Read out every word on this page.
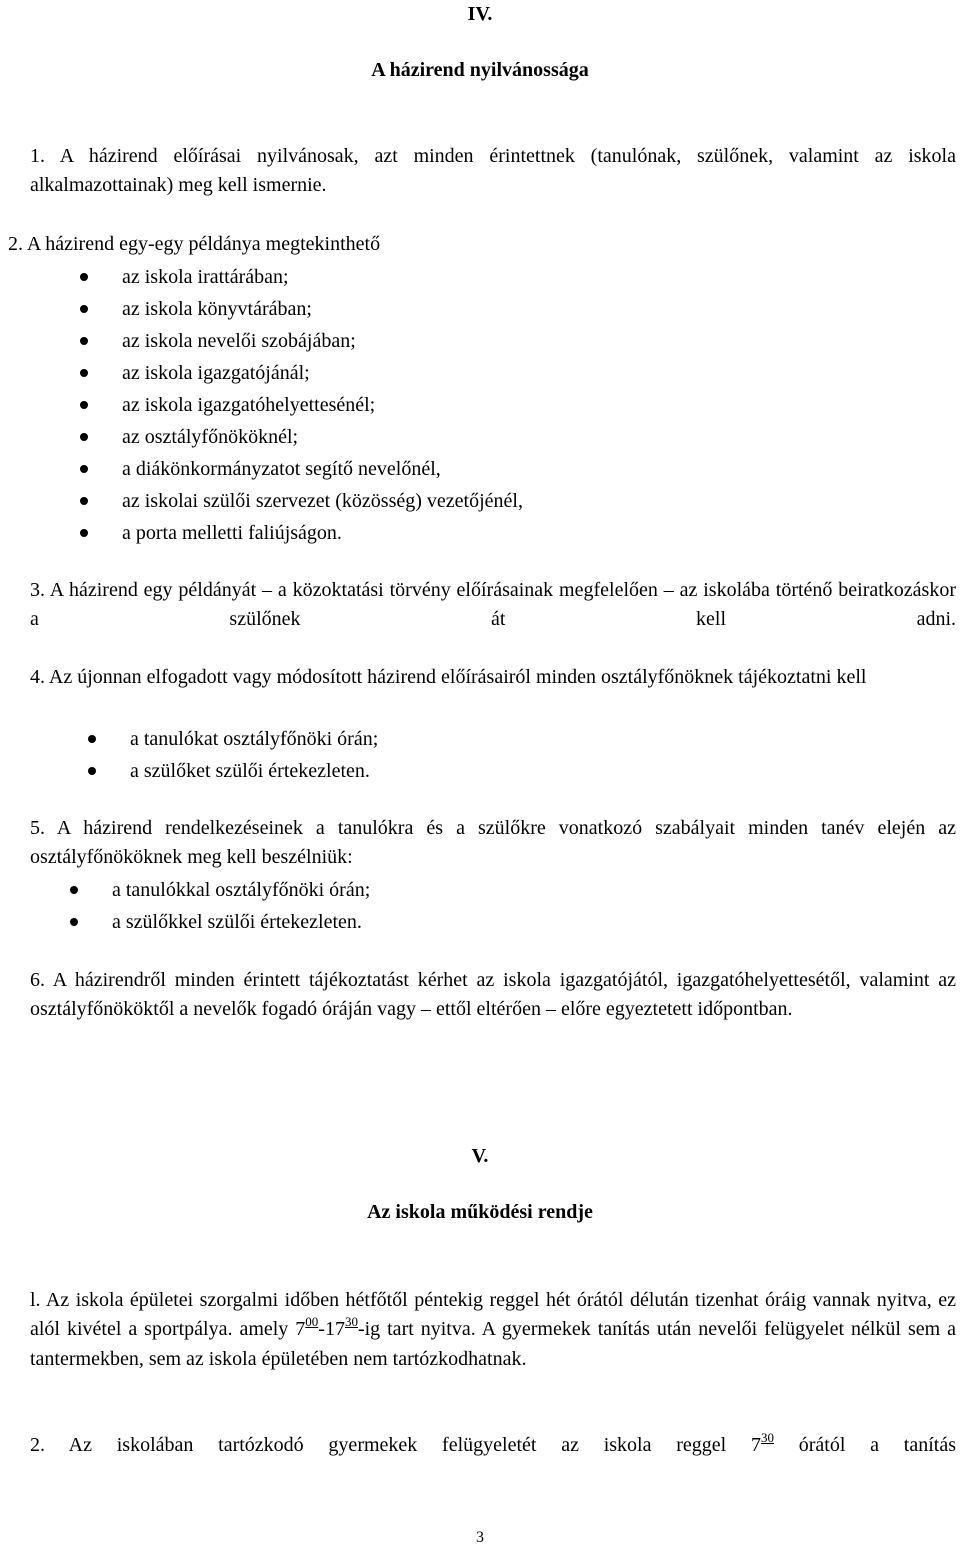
IV.
A házirend nyilvánossága
1. A házirend előírásai nyilvánosak, azt minden érintettnek (tanulónak, szülőnek, valamint az iskola alkalmazottainak) meg kell ismernie.
2. A házirend egy-egy példánya megtekinthető
az iskola irattárában;
az iskola könyvtárában;
az iskola nevelői szobájában;
az iskola igazgatójánál;
az iskola igazgatóhelyettesénél;
az osztályfőnököknél;
a diákönkormányzatot segítő nevelőnél,
az iskolai szülői szervezet (közösség) vezetőjénél,
a porta melletti faliújságon.
3. A házirend egy példányát – a közoktatási törvény előírásainak megfelelően – az iskolába történő beiratkozáskor a szülőnek át kell adni.
4. Az újonnan elfogadott vagy módosított házirend előírásairól minden osztályfőnöknek tájékoztatni kell
a tanulókat osztályfőnöki órán;
a szülőket szülői értekezleten.
5. A házirend rendelkezéseinek a tanulókra és a szülőkre vonatkozó szabályait minden tanév elején az osztályfőnököknek meg kell beszélniük:
a tanulókkal osztályfőnöki órán;
a szülőkkel szülői értekezleten.
6. A házirendről minden érintett tájékoztatást kérhet az iskola igazgatójától, igazgatóhelyettesétől, valamint az osztályfőnököktől a nevelők fogadó óráján vagy – ettől eltérően – előre egyeztetett időpontban.
V.
Az iskola működési rendje
l. Az iskola épületei szorgalmi időben hétfőtől péntekig reggel hét órától délután tizenhat óráig vannak nyitva, ez alól kivétel a sportpálya. amely $7^{00}-17^{30}-ig$ tart nyitva. A gyermekek tanítás után nevelői felügyelet nélkül sem a tantermekben, sem az iskola épületében nem tartózkodhatnak.
2. Az iskolában tartózkodó gyermekek felügyeletét az iskola reggel $7^{30}$ órától a tanítás
3
